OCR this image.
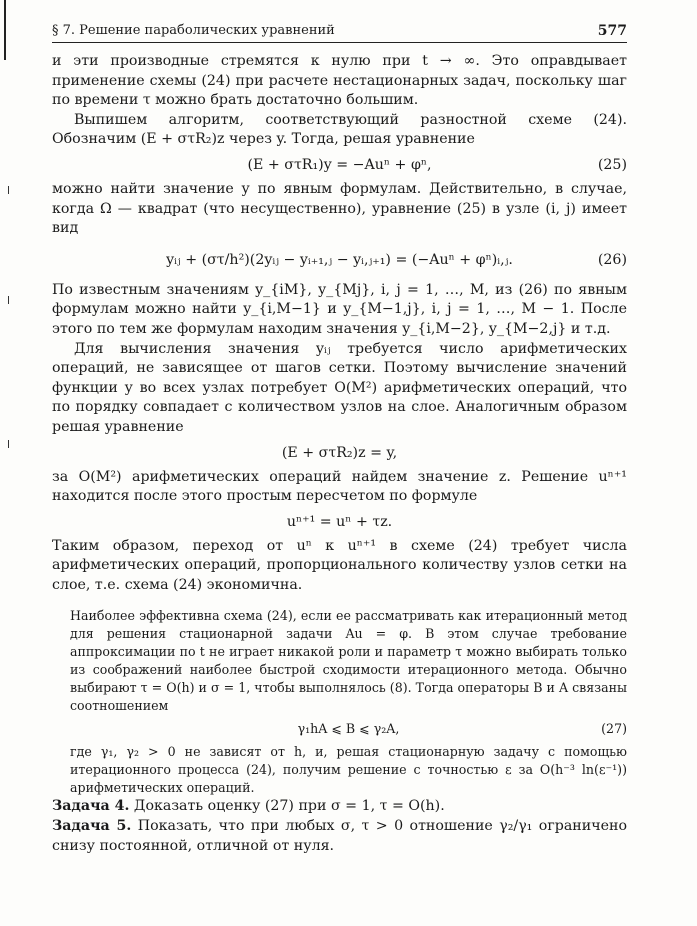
§ 7. Решение параболических уравнений	577

и эти производные стремятся к нулю при t → ∞. Это оправдывает применение схемы (24) при расчете нестационарных задач, поскольку шаг по времени τ можно брать достаточно большим.

Выпишем алгоритм, соответствующий разностной схеме (24). Обозначим (E + στR₂)z через y. Тогда, решая уравнение

(E + στR₁)y = −Auⁿ + φⁿ,	(25)

можно найти значение y по явным формулам. Действительно, в случае, когда Ω — квадрат (что несущественно), уравнение (25) в узле (i, j) имеет вид

yᵢⱼ + (στ/h²)(2yᵢⱼ − yᵢ₊₁,ⱼ − yᵢ,ⱼ₊₁) = (−Auⁿ + φⁿ)ᵢ,ⱼ.	(26)

По известным значениям y_{iM}, y_{Mj}, i, j = 1, …, M, из (26) по явным формулам можно найти y_{i,M−1} и y_{M−1,j}, i, j = 1, …, M − 1. После этого по тем же формулам находим значения y_{i,M−2}, y_{M−2,j} и т.д.

Для вычисления значения yᵢⱼ требуется число арифметических операций, не зависящее от шагов сетки. Поэтому вычисление значений функции y во всех узлах потребует O(M²) арифметических операций, что по порядку совпадает с количеством узлов на слое. Аналогичным образом решая уравнение

(E + στR₂)z = y,

за O(M²) арифметических операций найдем значение z. Решение uⁿ⁺¹ находится после этого простым пересчетом по формуле

uⁿ⁺¹ = uⁿ + τz.

Таким образом, переход от uⁿ к uⁿ⁺¹ в схеме (24) требует числа арифметических операций, пропорционального количеству узлов сетки на слое, т.е. схема (24) экономична.

Наиболее эффективна схема (24), если ее рассматривать как итерационный метод для решения стационарной задачи Au = φ. В этом случае требование аппроксимации по t не играет никакой роли и параметр τ можно выбирать только из соображений наиболее быстрой сходимости итерационного метода. Обычно выбирают τ = O(h) и σ = 1, чтобы выполнялось (8). Тогда операторы B и A связаны соотношением

γ₁hA ⩽ B ⩽ γ₂A,	(27)

где γ₁, γ₂ > 0 не зависят от h, и, решая стационарную задачу с помощью итерационного процесса (24), получим решение с точностью ε за O(h⁻³ ln(ε⁻¹)) арифметических операций.

Задача 4. Доказать оценку (27) при σ = 1, τ = O(h).

Задача 5. Показать, что при любых σ, τ > 0 отношение γ₂/γ₁ ограничено снизу постоянной, отличной от нуля.
